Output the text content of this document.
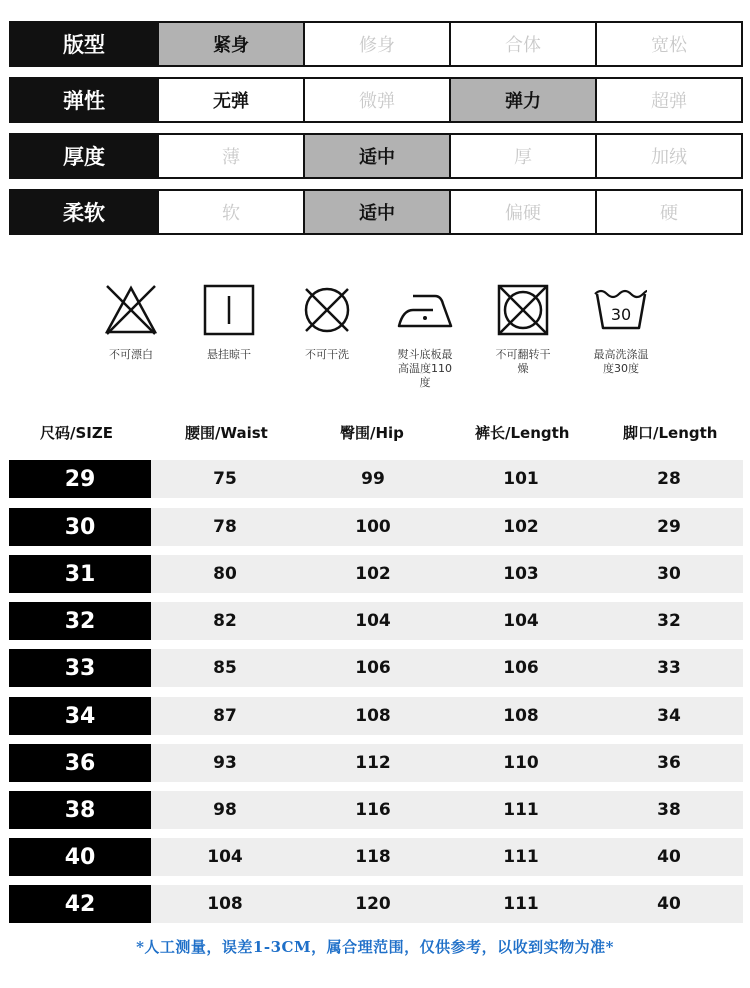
版型	紧身	修身	合体	宽松
弹性	无弹	微弹	弹力	超弹
厚度	薄	适中	厚	加绒
柔软	软	适中	偏硬	硬
不可漂白	悬挂晾干	不可干洗	熨斗底板最高温度110度
不可翻转干燥
30
最高洗涤温度30度
尺码/SIZE	腰围/Waist	臀围/Hip	裤长/Length	脚口/Length
29	75	99	101	28
30	78	100	102	29
31	80	102	103	30
32	82	104	104	32
33	85	106	106	33
34	87	108	108	34
36	93	112	110	36
38	98	116	111	38
40	104	118	111	40
42	108	120	111	40
*人工测量，误差1-3CM，属合理范围，仅供参考，以收到实物为准*
